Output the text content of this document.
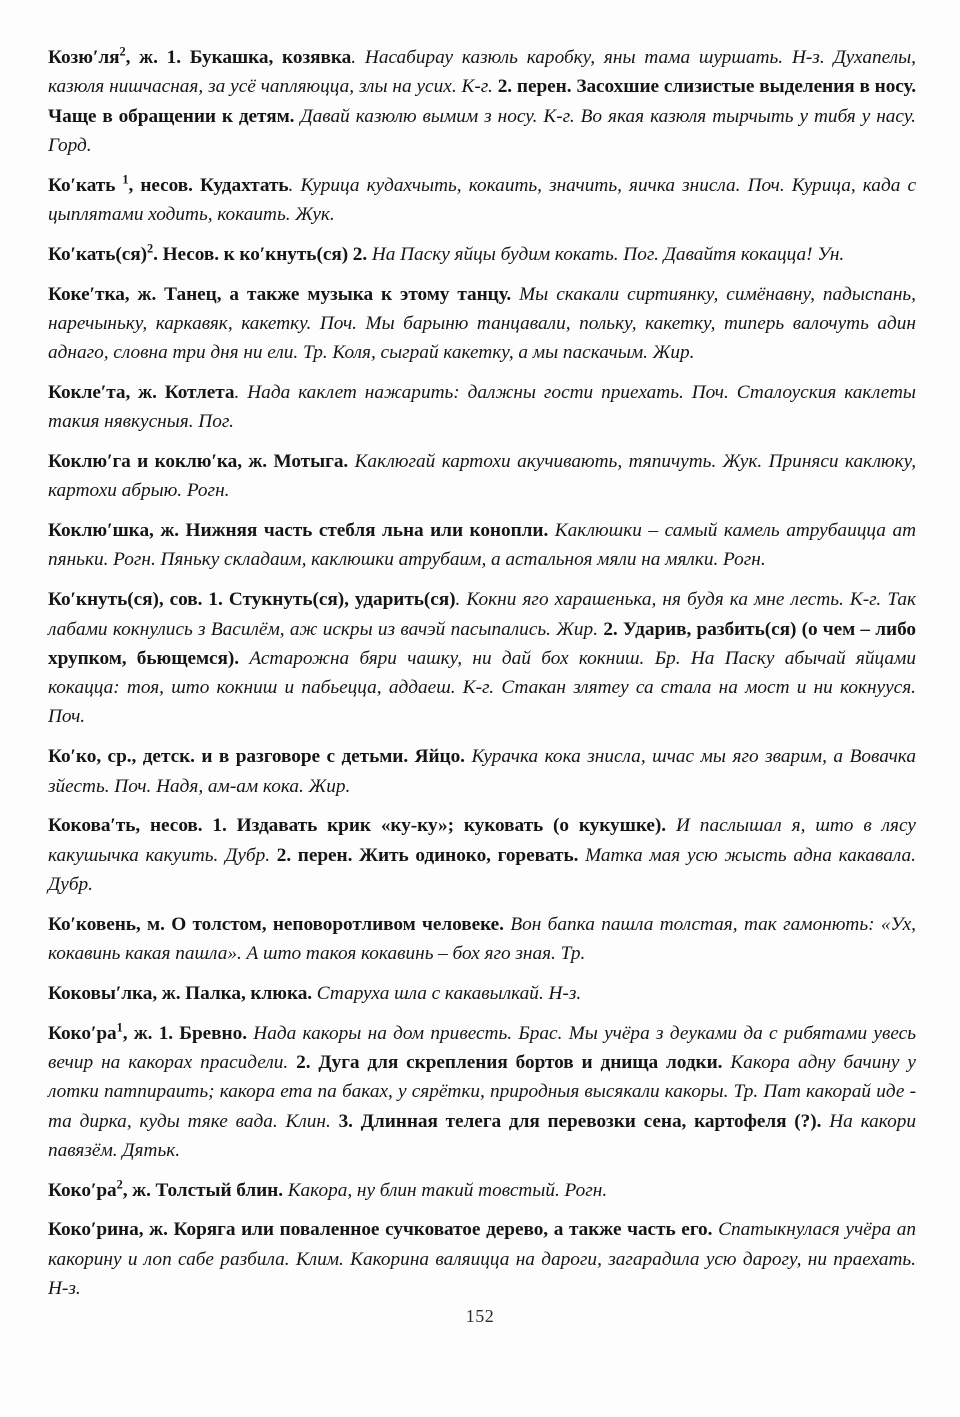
$Козю'ля^2$, ж. 1. Букашка, козявка. Насабирау казюль каробку, яны тама шуршать. Н-з. Духапелы, казюля нишчасная, за усё чапляюцца, злы на усих. К-г. 2. перен. Засохшие слизистые выделения в носу. Чаще в обращении к детям. Давай казюлю вымим з носу. К-г. Во якая казюля тырчыть у тибя у насу. Горд.

Ко′кать $^1$, несов. Кудахтать. Курица кудахчыть, кокаить, значить, яичка знисла. Поч. Курица, када с цыплятами ходить, кокаить. Жук.

Ко′кать(ся)$^2$. Несов. к ко′кнуть(ся) 2. На Паску яйцы будим кокать. Пог. Давайтя кокацца! Ун.

Коке′тка, ж. Танец, а также музыка к этому танцу. Мы скакали сиртиянку, симёнавну, падыспань, наречыньку, каркавяк, какетку. Поч. Мы барыню танцавали, польку, какетку, типерь валочуть адин аднаго, словна три дня ни ели. Тр. Коля, сыграй какетку, а мы паскачым. Жир.

Кокле′та, ж. Котлета. Нада каклет нажарить: далжны гости приехать. Поч. Сталоуския каклеты такия нявкусныя. Пог.

Коклю′га и коклю′ка, ж. Мотыга. Каклюгай картохи акучивають, тяпичуть. Жук. Приняси каклюку, картохи абрыю. Рогн.

Коклю′шка, ж. Нижняя часть стебля льна или конопли. Каклюшки – самый камель атрубаицца ат пяньки. Рогн. Пяньку складаим, каклюшки атрубаим, а астальноя мяли на мялки. Рогн.

Ко′кнуть(ся), сов. 1. Стукнуть(ся), ударить(ся). Кокни яго харашенька, ня будя ка мне лесть. К-г. Так лабами кокнулись з Василём, аж искры из вачэй пасыпались. Жир. 2. Ударив, разбить(ся) (о чем – либо хрупком, бьющемся). Астарожна бяри чашку, ни дай бох кокниш. Бр. На Паску абычай яйцами кокацца: тоя, што кокниш и пабьецца, аддаеш. К-г. Стакан злятеу са стала на мост и ни кокнууся. Поч.

Ко′ко, ср., детск. и в разговоре с детьми. Яйцо. Курачка кока знисла, шчас мы яго зварим, а Вовачка зйесть. Поч. Надя, ам-ам кока. Жир.

Кокова′ть, несов. 1. Издавать крик «ку-ку»; куковать (о кукушке). И паслышал я, што в лясу какушычка какуить. Дубр. 2. перен. Жить одиноко, горевать. Матка мая усю жысть адна какавала. Дубр.

Ко′ковень, м. О толстом, неповоротливом человеке. Вон бапка пашла толстая, так гамонють: «Ух, кокавинь какая пашла». А што такоя кокавинь – бох яго зная. Тр.

Коковы′лка, ж. Палка, клюка. Старуха шла с какавылкай. Н-з.

$Коко'ра^1$, ж. 1. Бревно. Нада какоры на дом привесть. Брас. Мы учёра з деуками да с рибятами увесь вечир на какорах прасидели. 2. Дуга для скрепления бортов и днища лодки. Какора адну бачину у лотки патпираить; какора ета па баках, у сярётки, природныя высякали какоры. Тр. Пат какорай иде - та дирка, куды тяке вада. Клин. 3. Длинная телега для перевозки сена, картофеля (?). На какори павязём. Дятьк.

$Коко'ра^2$, ж. Толстый блин. Какора, ну блин такий товстый. Рогн.

Коко′рина, ж. Коряга или поваленное сучковатое дерево, а также часть его. Спатыкнулася учёра ап какорину и лоп сабе разбила. Клим. Какорина валяицца на дароги, загарадила усю дарогу, ни праехать. Н-з.

152
